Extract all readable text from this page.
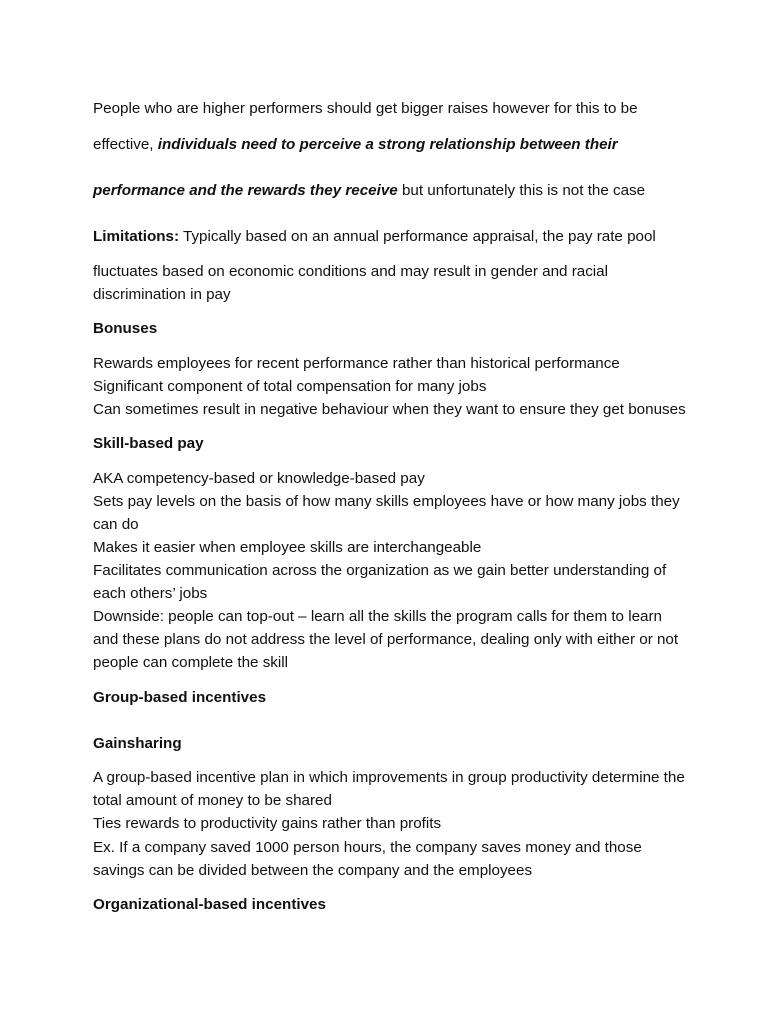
People who are higher performers should get bigger raises however for this to be
effective, individuals need to perceive a strong relationship between their
performance and the rewards they receive but unfortunately this is not the case
Limitations: Typically based on an annual performance appraisal, the pay rate pool
fluctuates based on economic conditions and may result in gender and racial
discrimination in pay
Bonuses
Rewards employees for recent performance rather than historical performance
Significant component of total compensation for many jobs
Can sometimes result in negative behaviour when they want to ensure they get bonuses
Skill-based pay
AKA competency-based or knowledge-based pay
Sets pay levels on the basis of how many skills employees have or how many jobs they
can do
Makes it easier when employee skills are interchangeable
Facilitates communication across the organization as we gain better understanding of
each others’ jobs
Downside: people can top-out – learn all the skills the program calls for them to learn
and these plans do not address the level of performance, dealing only with either or not
people can complete the skill
Group-based incentives
Gainsharing
A group-based incentive plan in which improvements in group productivity determine the
total amount of money to be shared
Ties rewards to productivity gains rather than profits
Ex. If a company saved 1000 person hours, the company saves money and those
savings can be divided between the company and the employees
Organizational-based incentives
